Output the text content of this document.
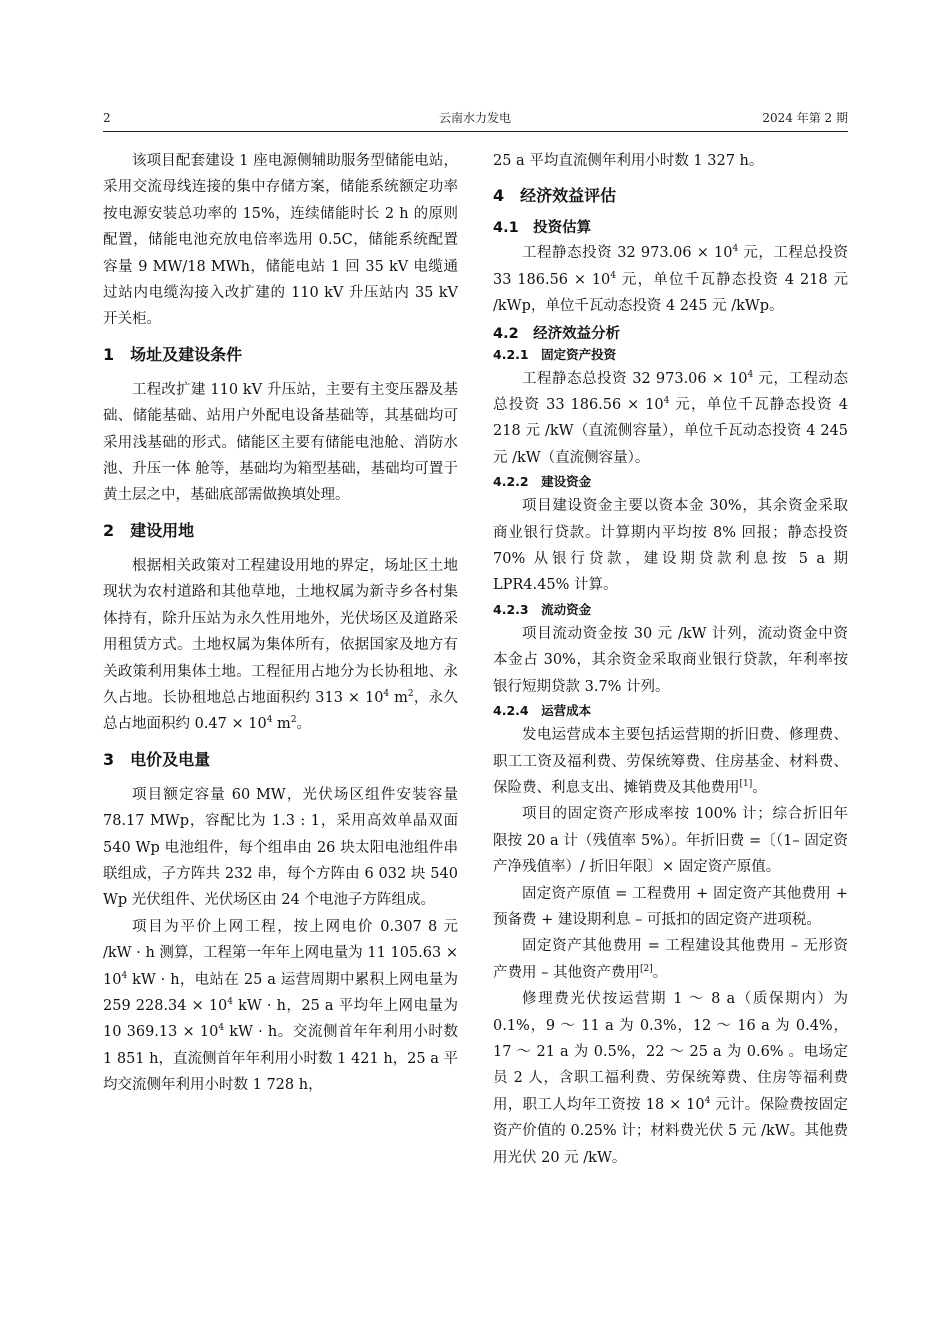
2	云南水力发电	2024 年第 2 期

该项目配套建设 1 座电源侧辅助服务型储能电站，采用交流母线连接的集中存储方案，储能系统额定功率按电源安装总功率的 15%，连续储能时长 2 h 的原则配置，储能电池充放电倍率选用 0.5C，储能系统配置容量 9 MW/18 MWh，储能电站 1 回 35 kV 电缆通过站内电缆沟接入改扩建的 110 kV 升压站内 35 kV 开关柜。

1　场址及建设条件

工程改扩建 110 kV 升压站，主要有主变压器及基础、储能基础、站用户外配电设备基础等，其基础均可采用浅基础的形式。储能区主要有储能电池舱、消防水池、升压一体 舱等，基础均为箱型基础，基础均可置于黄土层之中，基础底部需做换填处理。

2　建设用地

根据相关政策对工程建设用地的界定，场址区土地现状为农村道路和其他草地，土地权属为新寺乡各村集体持有，除升压站为永久性用地外，光伏场区及道路采用租赁方式。土地权属为集体所有，依据国家及地方有关政策利用集体土地。工程征用占地分为长协租地、永久占地。长协租地总占地面积约 $313 \times 10^4$ $m^2$，永久总占地面积约 $0.47 \times 10^4$ $m^2$。

3　电价及电量

项目额定容量 60 MW，光伏场区组件安装容量 78.17 MWp，容配比为 1.3 : 1，采用高效单晶双面 540 Wp 电池组件，每个组串由 26 块太阳电池组件串联组成，子方阵共 232 串，每个方阵由 6 032 块 540 Wp 光伏组件、光伏场区由 24 个电池子方阵组成。

项目为平价上网工程，按上网电价 0.307 8 元 /kW · h 测算，工程第一年年上网电量为 11 $105.63 \times 10^4$ kW · h，电站在 25 a 运营周期中累积上网电量为 259 $228.34 \times 10^4$ kW · h，25 a 平均年上网电量为 10 $369.13 \times 10^4$ kW · h。交流侧首年年利用小时数 1 851 h，直流侧首年年利用小时数 1 421 h，25 a 平均交流侧年利用小时数 1 728 h，

25 a 平均直流侧年利用小时数 1 327 h。

4　经济效益评估
4.1　投资估算

工程静态投资 32 $973.06 \times 10^4$ 元，工程总投资 33 $186.56 \times 10^4$ 元，单位千瓦静态投资 4 218 元 /kWp，单位千瓦动态投资 4 245 元 /kWp。

4.2　经济效益分析
4.2.1　固定资产投资

工程静态总投资 32 $973.06 \times 10^4$ 元，工程动态总投资 33 $186.56 \times 10^4$ 元，单位千瓦静态投资 4 218 元 /kW（直流侧容量），单位千瓦动态投资 4 245 元 /kW（直流侧容量）。

4.2.2　建设资金

项目建设资金主要以资本金 30%，其余资金采取商业银行贷款。计算期内平均按 8% 回报；静态投资 70% 从银行贷款，建设期贷款利息按 5 a 期 LPR4.45% 计算。

4.2.3　流动资金

项目流动资金按 30 元 /kW 计列，流动资金中资本金占 30%，其余资金采取商业银行贷款，年利率按银行短期贷款 3.7% 计列。

4.2.4　运营成本

发电运营成本主要包括运营期的折旧费、修理费、职工工资及福利费、劳保统筹费、住房基金、材料费、保险费、利息支出、摊销费及其他费用[1]。

项目的固定资产形成率按 100% 计；综合折旧年限按 20 a 计（残值率 5%）。年折旧费 =〔（1– 固定资产净残值率）/ 折旧年限〕× 固定资产原值。

固定资产原值 = 工程费用 + 固定资产其他费用 + 预备费 + 建设期利息 – 可抵扣的固定资产进项税。

固定资产其他费用 = 工程建设其他费用 – 无形资产费用 – 其他资产费用[2]。

修理费光伏按运营期 1 ～ 8 a（质保期内）为 0.1%，9 ～ 11 a 为 0.3%，12 ～ 16 a 为 0.4%，17 ～ 21 a 为 0.5%，22 ～ 25 a 为 0.6% 。电场定员 2 人，含职工福利费、劳保统筹费、住房等福利费用，职工人均年工资按 $18 \times 10^4$ 元计。保险费按固定资产价值的 0.25% 计；材料费光伏 5 元 /kW。其他费用光伏 20 元 /kW。
